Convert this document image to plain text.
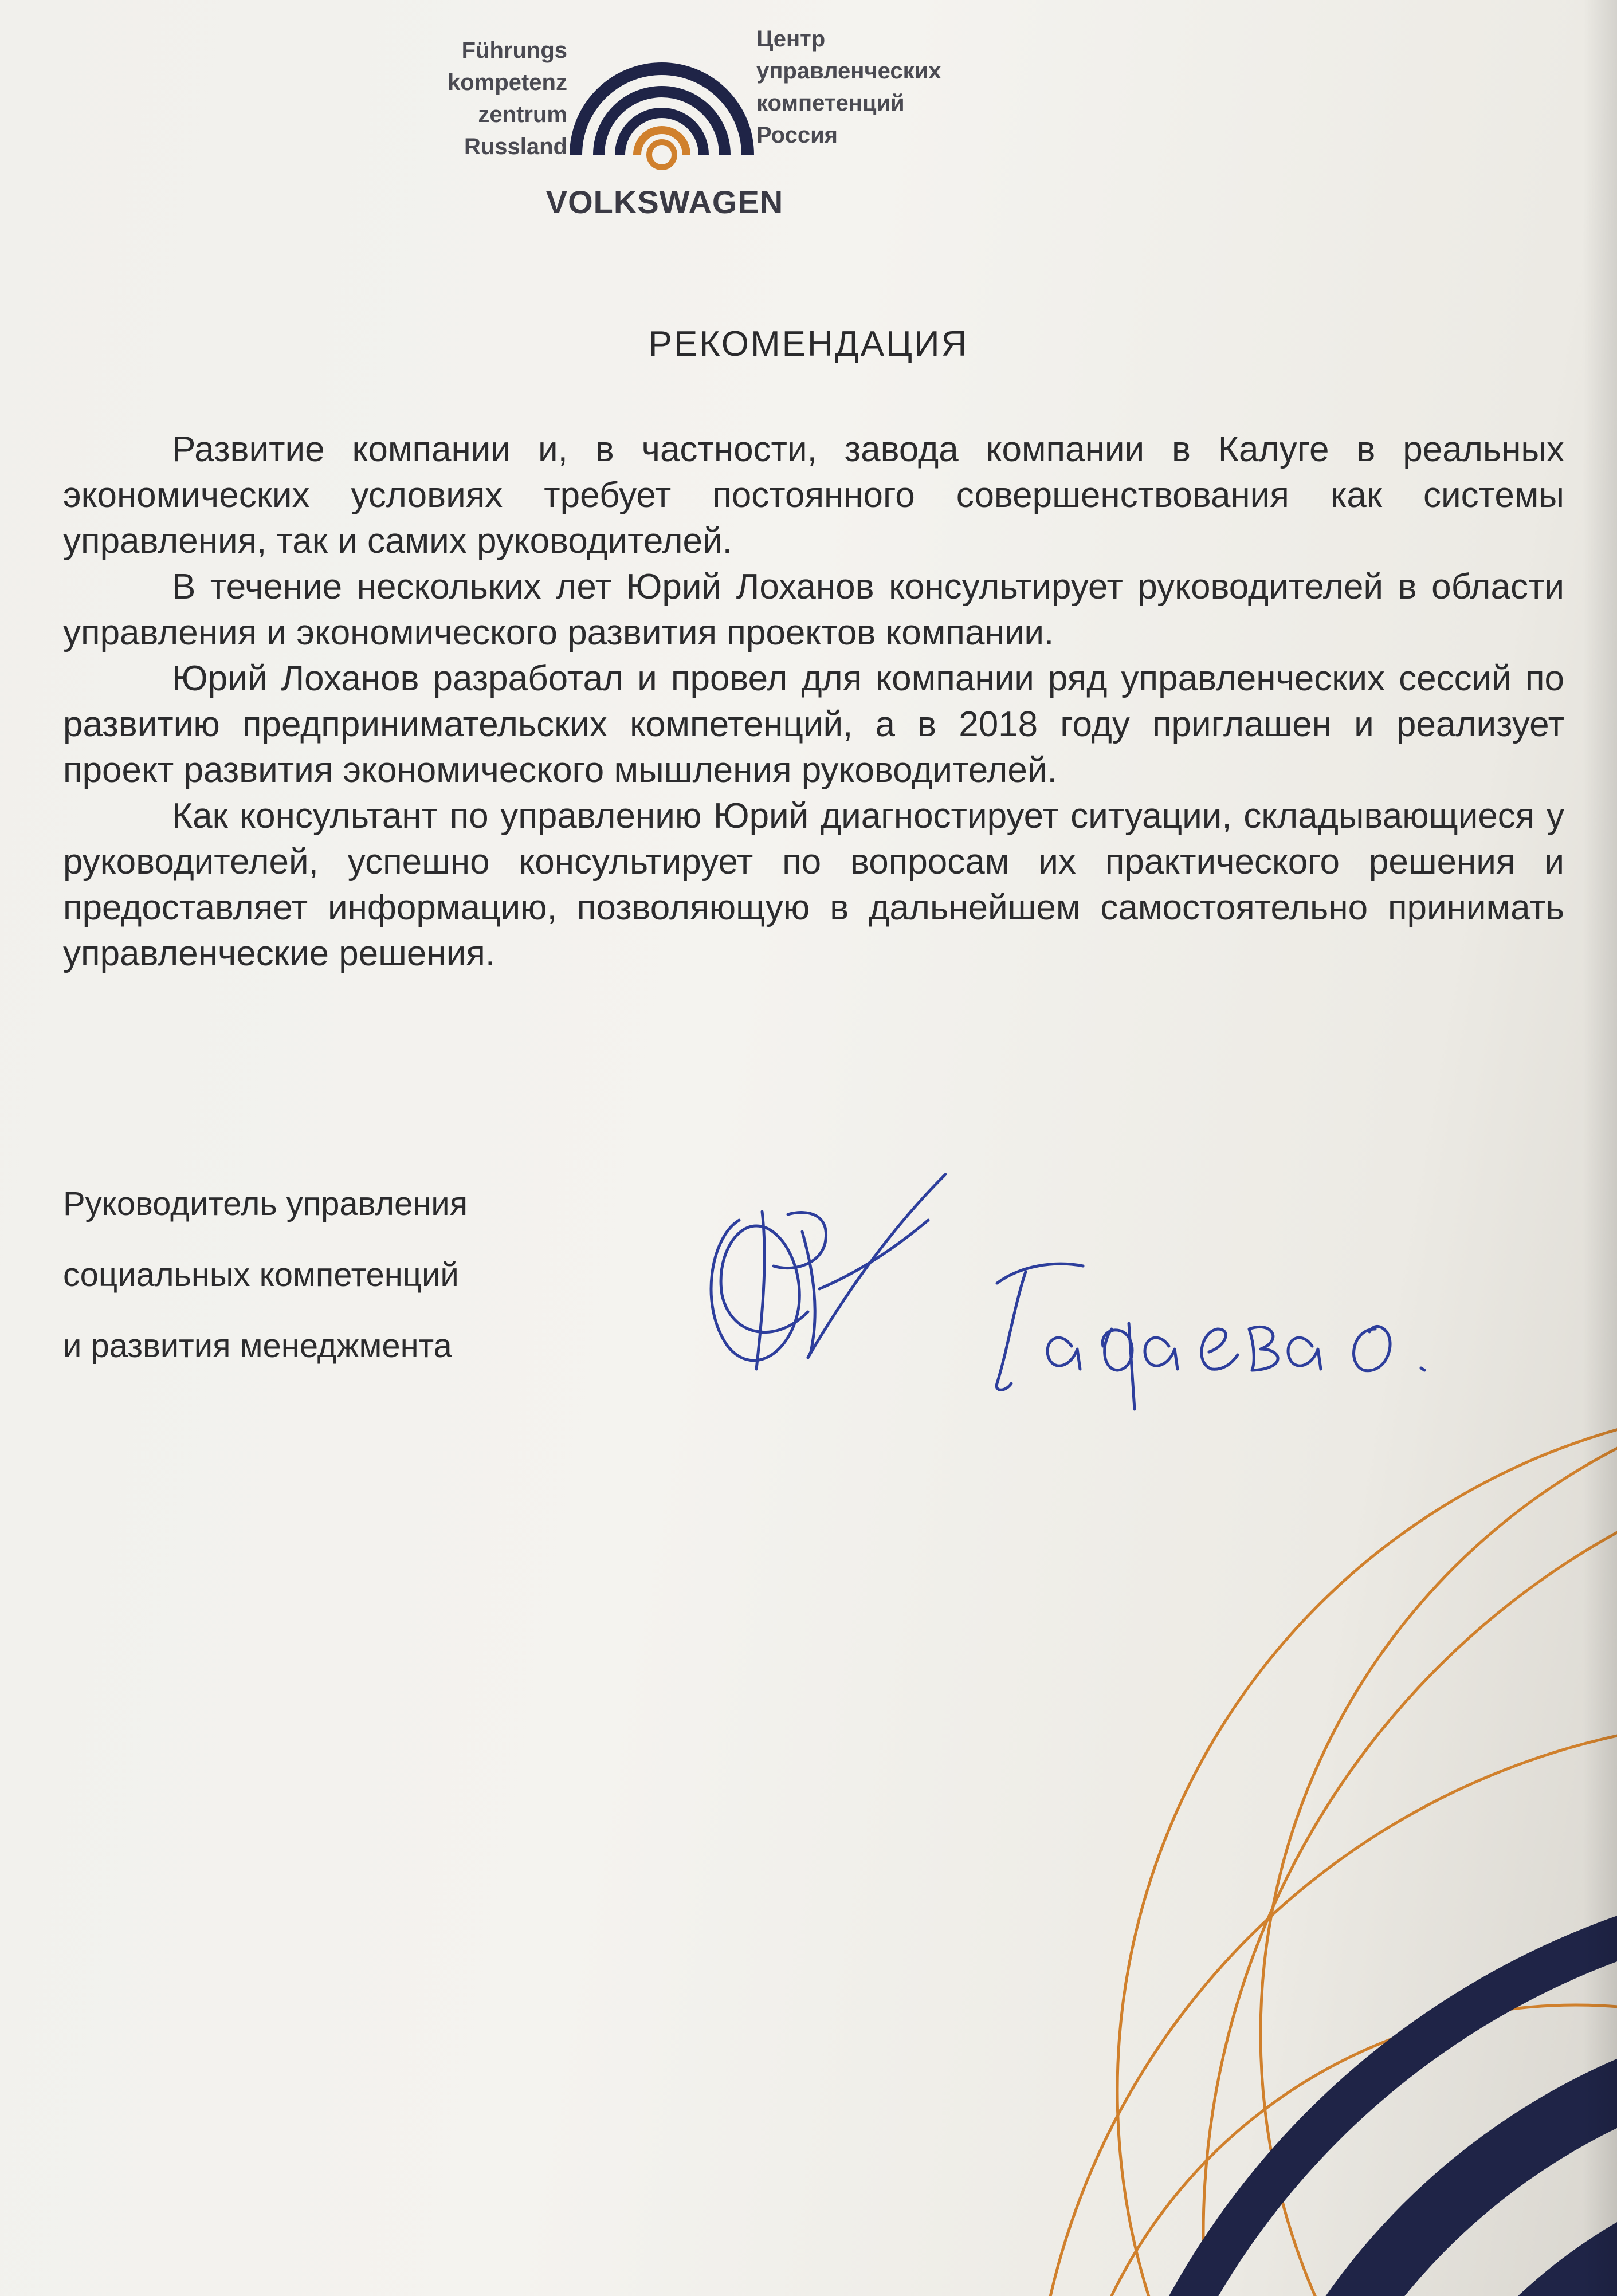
Führungs
kompetenz
zentrum
Russland
Центр
управленческих
компетенций
Россия
VOLKSWAGEN
РЕКОМЕНДАЦИЯ

Развитие компании и, в частности, завода компании в Калуге в реальных экономических условиях требует постоянного совершенствования как системы управления, так и самих руководителей.

В течение нескольких лет Юрий Лоханов консультирует руководителей в области управления и экономического развития проектов компании.

Юрий Лоханов разработал и провел для компании ряд управленческих сессий по развитию предпринимательских компетенций, а в 2018 году приглашен и реализует проект развития экономического мышления руководителей.

Как консультант по управлению Юрий диагностирует ситуации, складывающиеся у руководителей, успешно консультирует по вопросам их практического решения и предоставляет информацию, позволяющую в дальнейшем самостоятельно принимать управленческие решения.

Руководитель управления
социальных компетенций
и развития менеджмента
